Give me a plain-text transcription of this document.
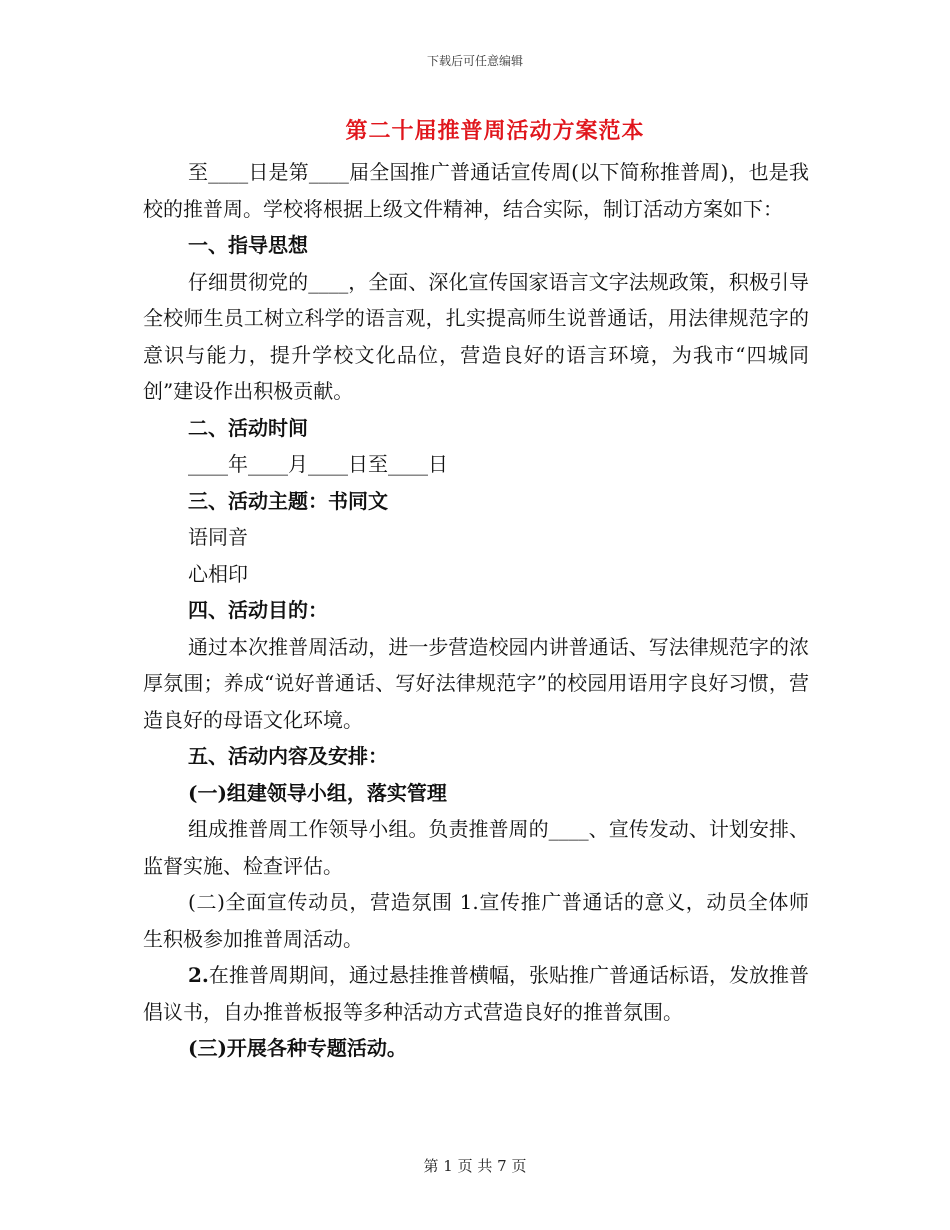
下载后可任意编辑
第二十届推普周活动方案范本

至____日是第____届全国推广普通话宣传周(以下简称推普周)，也是我校的推普周。学校将根据上级文件精神，结合实际，制订活动方案如下：

一、指导思想

仔细贯彻党的____，全面、深化宣传国家语言文字法规政策，积极引导全校师生员工树立科学的语言观，扎实提高师生说普通话，用法律规范字的意识与能力，提升学校文化品位，营造良好的语言环境，为我市“四城同创”建设作出积极贡献。

二、活动时间

____年____月____日至____日

三、活动主题：书同文

语同音

心相印

四、活动目的：

通过本次推普周活动，进一步营造校园内讲普通话、写法律规范字的浓厚氛围；养成“说好普通话、写好法律规范字”的校园用语用字良好习惯，营造良好的母语文化环境。

五、活动内容及安排：

(一)组建领导小组，落实管理

组成推普周工作领导小组。负责推普周的____、宣传发动、计划安排、监督实施、检查评估。

(二)全面宣传动员，营造氛围 1.宣传推广普通话的意义，动员全体师生积极参加推普周活动。

2.在推普周期间，通过悬挂推普横幅，张贴推广普通话标语，发放推普倡议书，自办推普板报等多种活动方式营造良好的推普氛围。

(三)开展各种专题活动。

第 1 页 共 7 页
